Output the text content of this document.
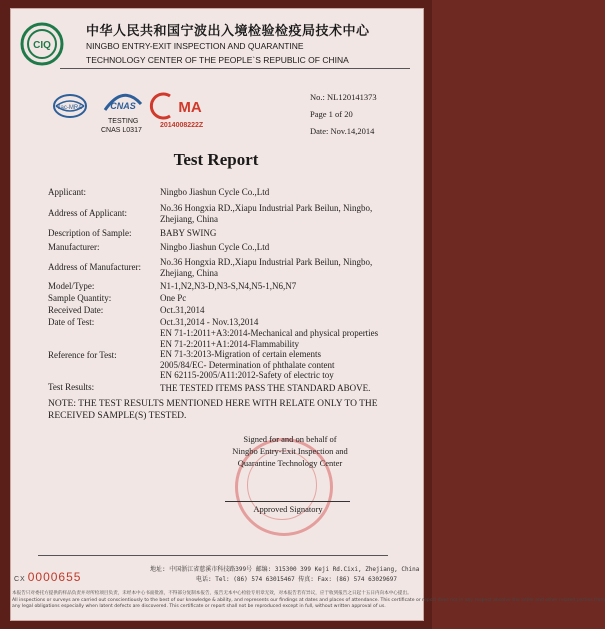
CIQ
中华人民共和国宁波出入境检验检疫局技术中心
NINGBO ENTRY-EXIT INSPECTION AND QUARANTINE
TECHNOLOGY CENTER OF THE PEOPLE`S REPUBLIC OF CHINA
ilac-MRA	CNAS
TESTING
CNAS L0317
MA
2014008222Z
No.: NL120141373
Page 1 of 20
Date: Nov.14,2014
Test Report
Applicant:	Ningbo Jiashun Cycle Co.,Ltd
Address of Applicant:	No.36 Hongxia RD.,Xiapu Industrial Park Beilun, Ningbo, Zhejiang, China
Description of Sample:	BABY SWING
Manufacturer:	Ningbo Jiashun Cycle Co.,Ltd
Address of Manufacturer: No.36 Hongxia RD.,Xiapu Industrial Park Beilun, Ningbo, Zhejiang, China
Model/Type:	N1-1,N2,N3-D,N3-S,N4,N5-1,N6,N7
Sample Quantity:	One Pc
Received Date:	Oct.31,2014
Date of Test:	Oct.31,2014 - Nov.13,2014
Reference for Test:
EN 71-1:2011+A3:2014-Mechanical and physical properties
EN 71-2:2011+A1:2014-Flammability
EN 71-3:2013-Migration of certain elements
2005/84/EC- Determination of phthalate content
EN 62115-2005/A11:2012-Safety of electric toy
Test Results:	THE TESTED ITEMS PASS THE STANDARD ABOVE.
NOTE: THE TEST RESULTS MENTIONED HERE WITH RELATE ONLY TO THE RECEIVED SAMPLE(S) TESTED.
Signed for and on behalf of
Ningbo Entry-Exit Inspection and
Quarantine Technology Center
Approved Signatory
CX 0000655
地址: 中国浙江省慈溪市科技路399号 邮编: 315300 399 Keji Rd.Cixi, Zhejiang, China
电话: Tel: (86) 574 63015467 传真: Fax: (86) 574 63029697
本报告只对委托方提供的样品负责并对所检项目负责，未经本中心书面批准，不得部分复制本报告，报告无本中心检验专用章无效，对本报告若有异议，应于收到报告之日起十五日内向本中心提出。
All inspections or surveys are carried out conscientiously to the best of our knowledge & ability, and represents our findings at dates and places of attendance. This certificate or report does not in any respect absolve the seller and other related parties from
any legal obligations especially when latent defects are discovered. This certificate or report shall not be reproduced except in full, without written approval of us.
